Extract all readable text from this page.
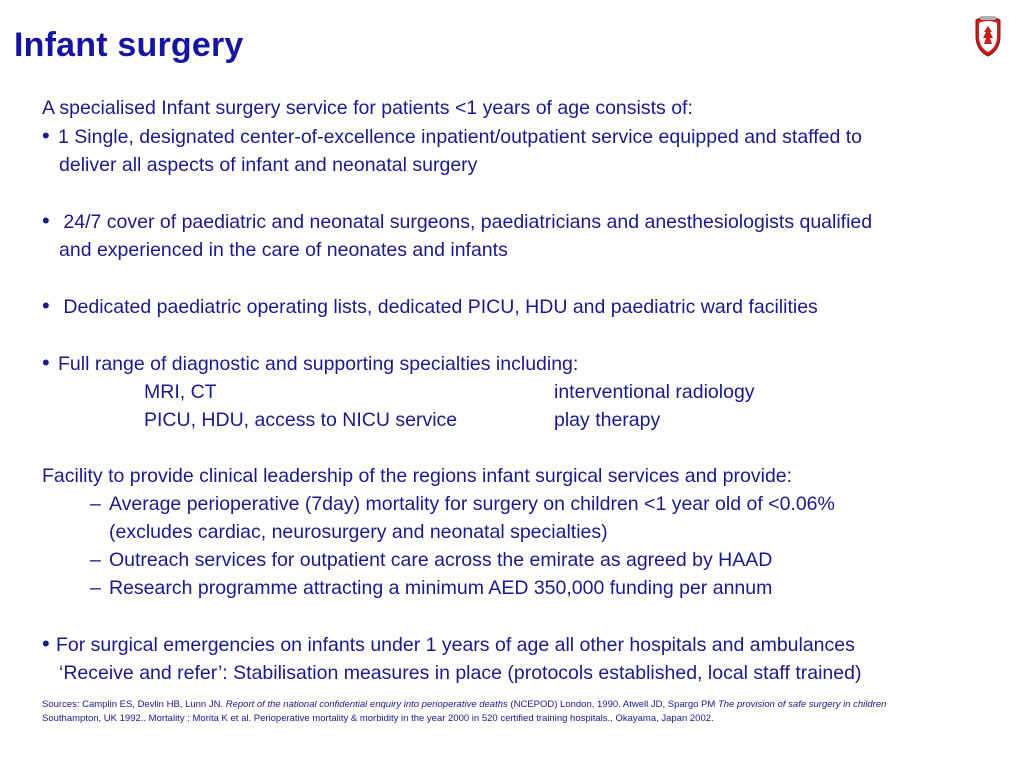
Infant surgery
A specialised Infant surgery service for patients <1 years of age consists of:
• 1 Single, designated center-of-excellence inpatient/outpatient service equipped and staffed to
deliver all aspects of infant and neonatal surgery
• 24/7 cover of paediatric and neonatal surgeons, paediatricians and anesthesiologists qualified
and experienced in the care of neonates and infants
• Dedicated paediatric operating lists, dedicated PICU, HDU and paediatric ward facilities
• Full range of diagnostic and supporting specialties including:
MRI, CT	interventional radiology
PICU, HDU, access to NICU service	play therapy
Facility to provide clinical leadership of the regions infant surgical services and provide:
– Average perioperative (7day) mortality for surgery on children <1 year old of <0.06%
(excludes cardiac, neurosurgery and neonatal specialties)
– Outreach services for outpatient care across the emirate as agreed by HAAD
– Research programme attracting a minimum AED 350,000 funding per annum
• For surgical emergencies on infants under 1 years of age all other hospitals and ambulances
‘Receive and refer’: Stabilisation measures in place (protocols established, local staff trained)
Sources: Camplin ES, Devlin HB, Lunn JN. Report of the national confidential enquiry into perioperative deaths (NCEPOD) London, 1990. Atwell JD, Spargo PM The provision of safe surgery in children
Southampton, UK 1992.. Mortality : Morita K et al. Perioperative mortality & morbidity in the year 2000 in 520 certified training hospitals., Okayama, Japan 2002.
